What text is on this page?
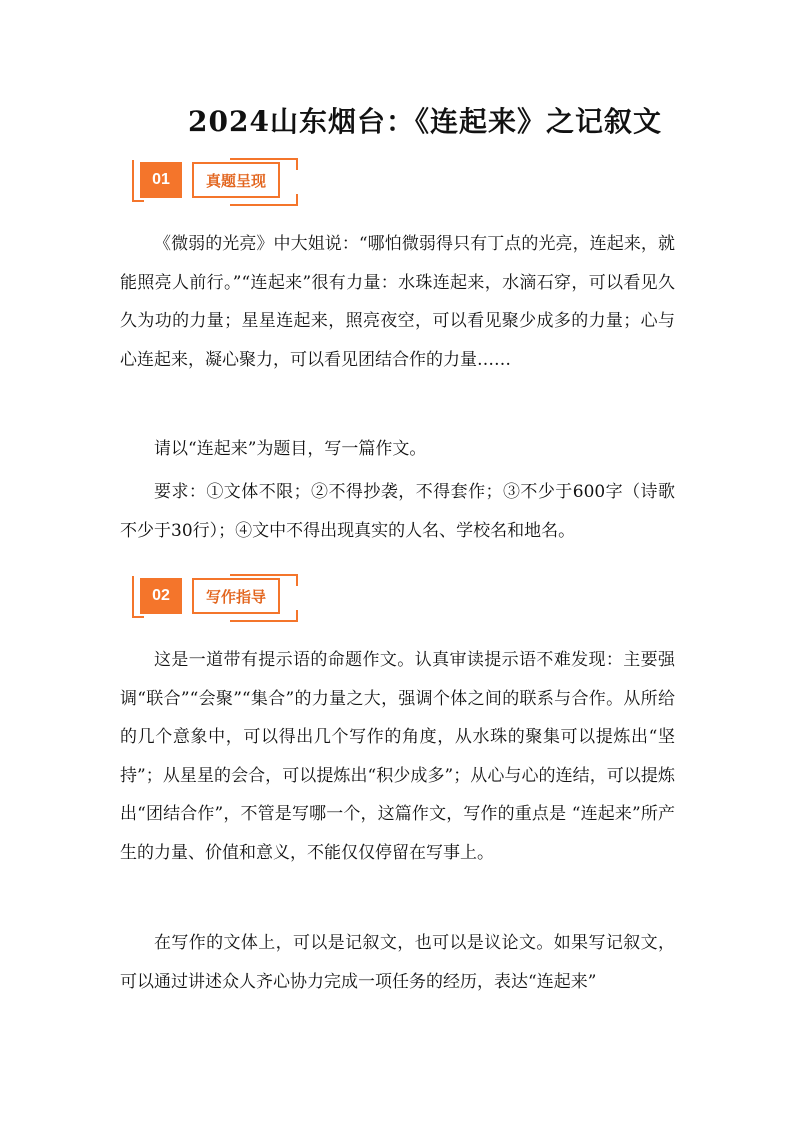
2024山东烟台：《连起来》之记叙文
01	真题呈现

《微弱的光亮》中大姐说：“哪怕微弱得只有丁点的光亮，连起来，就能照亮人前行。”“连起来”很有力量：水珠连起来，水滴石穿，可以看见久久为功的力量；星星连起来，照亮夜空，可以看见聚少成多的力量；心与心连起来，凝心聚力，可以看见团结合作的力量……

请以“连起来”为题目，写一篇作文。

要求：①文体不限；②不得抄袭，不得套作；③不少于600字（诗歌不少于30行）；④文中不得出现真实的人名、学校名和地名。

02	写作指导

这是一道带有提示语的命题作文。认真审读提示语不难发现：主要强调“联合”“会聚”“集合”的力量之大，强调个体之间的联系与合作。从所给的几个意象中，可以得出几个写作的角度，从水珠的聚集可以提炼出“坚持”；从星星的会合，可以提炼出“积少成多”；从心与心的连结，可以提炼出“团结合作”，不管是写哪一个，这篇作文，写作的重点是 “连起来”所产生的力量、价值和意义，不能仅仅停留在写事上。

在写作的文体上，可以是记叙文，也可以是议论文。如果写记叙文，可以通过讲述众人齐心协力完成一项任务的经历，表达“连起来”
